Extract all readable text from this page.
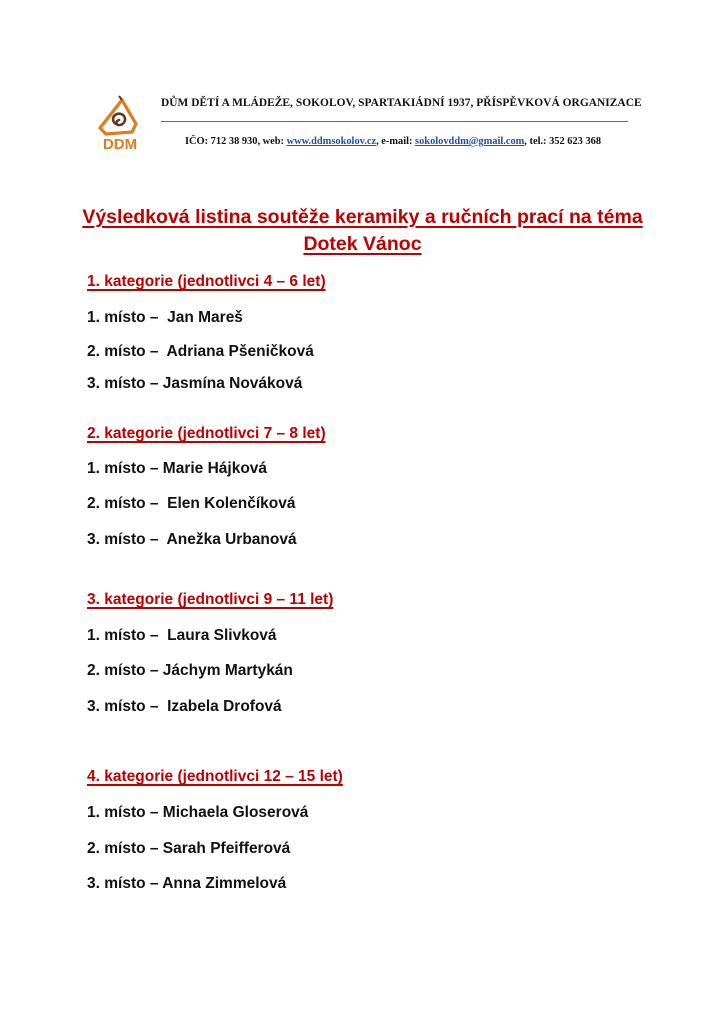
DDM
DŮM DĚTÍ A MLÁDEŽE, SOKOLOV, SPARTAKIÁDNÍ 1937, PŘÍSPĚVKOVÁ ORGANIZACE
IČO: 712 38 930, web: www.ddmsokolov.cz, e-mail: sokolovddm@gmail.com, tel.: 352 623 368
Výsledková listina soutěže keramiky a ručních prací na téma
Dotek Vánoc
1. kategorie (jednotlivci 4 – 6 let)
1. místo –  Jan Mareš
2. místo –  Adriana Pšeničková
3. místo – Jasmína Nováková
2. kategorie (jednotlivci 7 – 8 let)
1. místo – Marie Hájková
2. místo –  Elen Kolenčíková
3. místo –  Anežka Urbanová
3. kategorie (jednotlivci 9 – 11 let)
1. místo –  Laura Slivková
2. místo – Jáchym Martykán
3. místo –  Izabela Drofová
4. kategorie (jednotlivci 12 – 15 let)
1. místo – Michaela Gloserová
2. místo – Sarah Pfeifferová
3. místo – Anna Zimmelová
